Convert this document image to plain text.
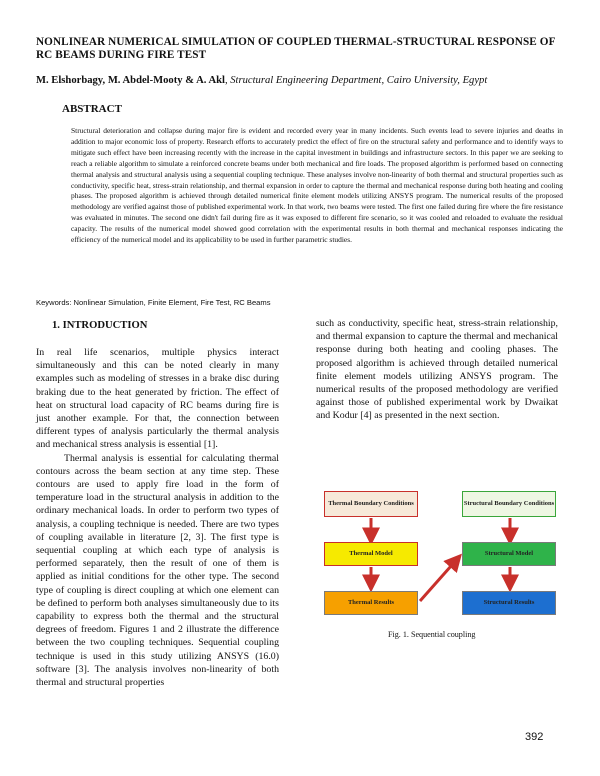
NONLINEAR NUMERICAL SIMULATION OF COUPLED THERMAL-STRUCTURAL RESPONSE OF RC BEAMS DURING FIRE TEST
M. Elshorbagy, M. Abdel-Mooty & A. Akl, Structural Engineering Department, Cairo University, Egypt
ABSTRACT
Structural deterioration and collapse during major fire is evident and recorded every year in many incidents. Such events lead to severe injuries and deaths in addition to major economic loss of property. Research efforts to accurately predict the effect of fire on the structural safety and performance and to identify ways to mitigate such effect have been increasing recently with the increase in the capital investment in buildings and infrastructure sectors. In this paper we are seeking to reach a reliable algorithm to simulate a reinforced concrete beams under both mechanical and fire loads. The proposed algorithm is performed based on connecting thermal analysis and structural analysis using a sequential coupling technique. These analyses involve non-linearity of both thermal and structural properties such as conductivity, specific heat, stress-strain relationship, and thermal expansion in order to capture the thermal and mechanical response during both heating and cooling phases. The proposed algorithm is achieved through detailed numerical finite element models utilizing ANSYS program. The numerical results of the proposed methodology are verified against those of published experimental work. In that work, two beams were tested. The first one failed during fire where the fire resistance was evaluated in minutes. The second one didn't fail during fire as it was exposed to different fire scenario, so it was cooled and reloaded to evaluate the residual capacity. The results of the numerical model showed good correlation with the experimental results in both thermal and mechanical responses indicating the efficiency of the numerical model and its applicability to be used in further parametric studies.
Keywords: Nonlinear Simulation, Finite Element, Fire Test, RC Beams
1. INTRODUCTION

In real life scenarios, multiple physics interact simultaneously and this can be noted clearly in many examples such as modeling of stresses in a brake disc during braking due to the heat generated by friction. The effect of heat on structural load capacity of RC beams during fire is just another example. For that, the connection between different types of analysis particularly the thermal analysis and mechanical stress analysis is essential [1].

Thermal analysis is essential for calculating thermal contours across the beam section at any time step. These contours are used to apply fire load in the form of temperature load in the structural analysis in addition to the ordinary mechanical loads. In order to perform two types of analysis, a coupling technique is needed. There are two types of coupling available in literature [2, 3]. The first type is sequential coupling at which each type of analysis is performed separately, then the result of one of them is applied as initial conditions for the other type. The second type of coupling is direct coupling at which one element can be defined to perform both analyses simultaneously due to its capability to express both the thermal and the structural degrees of freedom. Figures 1 and 2 illustrate the difference between the two coupling techniques. Sequential coupling technique is used in this study utilizing ANSYS (16.0) software [3]. The analysis involves non-linearity of both thermal and structural properties

such as conductivity, specific heat, stress-strain relationship, and thermal expansion to capture the thermal and mechanical response during both heating and cooling phases. The proposed algorithm is achieved through detailed numerical finite element models utilizing ANSYS program. The numerical results of the proposed methodology are verified against those of published experimental work by Dwaikat and Kodur [4] as presented in the next section.

Thermal Boundary Conditions
Thermal Model
Thermal Results
Structural Boundary Conditions
Structural Model
Structural Results
Fig. 1. Sequential coupling
392
